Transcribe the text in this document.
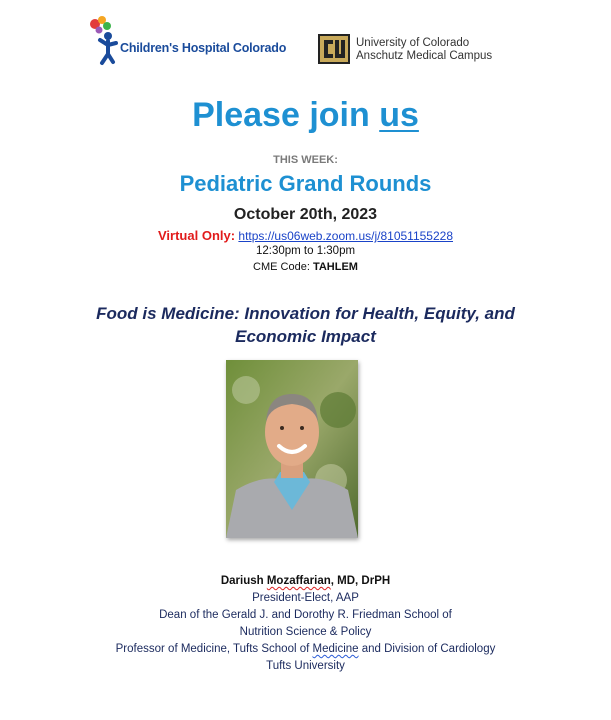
Children's Hospital Colorado	University of Colorado
Anschutz Medical Campus
Please join us
THIS WEEK:
Pediatric Grand Rounds
October 20th, 2023
Virtual Only: https://us06web.zoom.us/j/81051155228
12:30pm to 1:30pm
CME Code: TAHLEM
Food is Medicine: Innovation for Health, Equity, and
Economic Impact
Dariush Mozaffarian, MD, DrPH
President-Elect, AAP
Dean of the Gerald J. and Dorothy R. Friedman School of
Nutrition Science & Policy
Professor of Medicine, Tufts School of Medicine and Division of Cardiology
Tufts University
